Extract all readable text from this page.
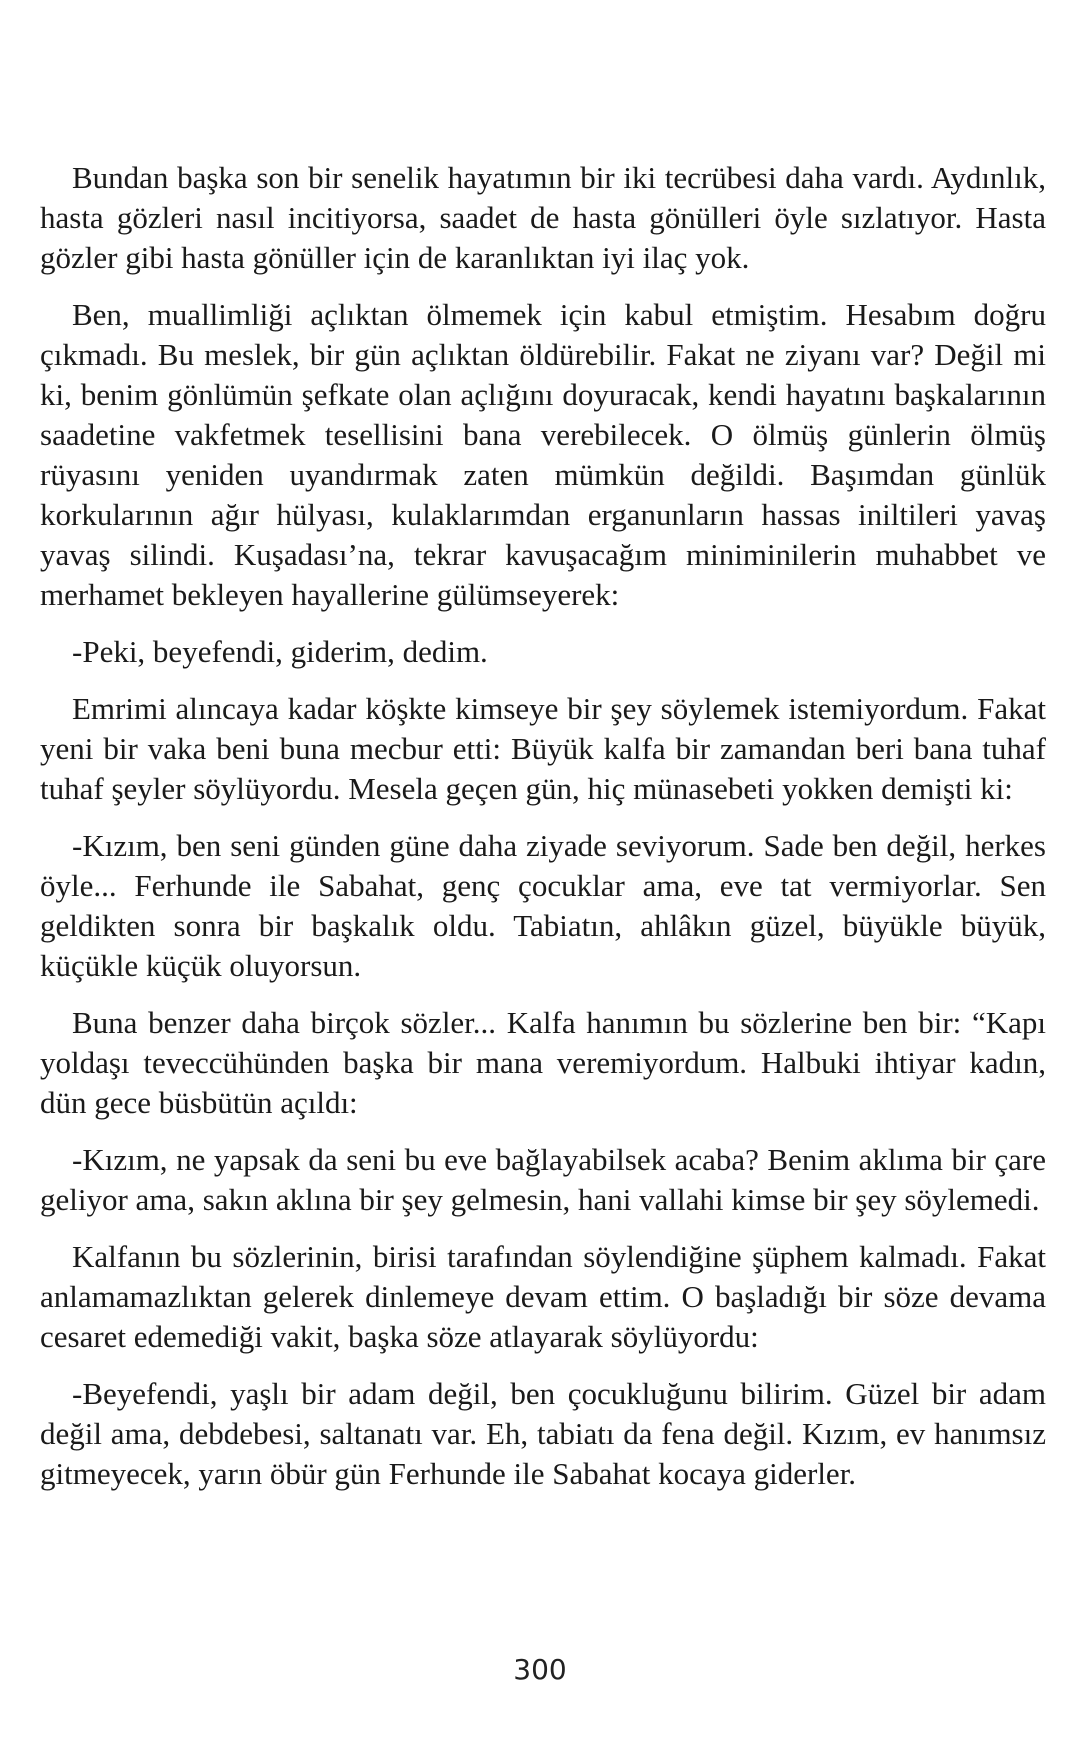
Bundan başka son bir senelik hayatımın bir iki tecrübesi daha vardı. Aydınlık, hasta gözleri nasıl incitiyorsa, saadet de hasta gönülleri öyle sızlatıyor. Hasta gözler gibi hasta gönüller için de karanlıktan iyi ilaç yok.

Ben, muallimliği açlıktan ölmemek için kabul etmiştim. Hesabım doğru çıkmadı. Bu meslek, bir gün açlıktan öldürebilir. Fakat ne ziyanı var? Değil mi ki, benim gönlümün şefkate olan açlığını doyuracak, kendi hayatını başkalarının saadetine vakfetmek tesellisini bana verebilecek. O ölmüş günlerin ölmüş rüyasını yeniden uyandırmak zaten mümkün değildi. Başımdan günlük korkularının ağır hülyası, kulaklarımdan erganunların hassas iniltileri yavaş yavaş silindi. Kuşadası’na, tekrar kavuşacağım miniminilerin muhabbet ve merhamet bekleyen hayallerine gülümseyerek:

-Peki, beyefendi, giderim, dedim.

Emrimi alıncaya kadar köşkte kimseye bir şey söylemek istemiyordum. Fakat yeni bir vaka beni buna mecbur etti: Büyük kalfa bir zamandan beri bana tuhaf tuhaf şeyler söylüyordu. Mesela geçen gün, hiç münasebeti yokken demişti ki:

-Kızım, ben seni günden güne daha ziyade seviyorum. Sade ben değil, herkes öyle... Ferhunde ile Sabahat, genç çocuklar ama, eve tat vermiyorlar. Sen geldikten sonra bir başkalık oldu. Tabiatın, ahlâkın güzel, büyükle büyük, küçükle küçük oluyorsun.

Buna benzer daha birçok sözler... Kalfa hanımın bu sözlerine ben bir: “Kapı yoldaşı teveccühünden başka bir mana veremiyordum. Halbuki ihtiyar kadın, dün gece büsbütün açıldı:

-Kızım, ne yapsak da seni bu eve bağlayabilsek acaba? Benim aklıma bir çare geliyor ama, sakın aklına bir şey gelmesin, hani vallahi kimse bir şey söylemedi.

Kalfanın bu sözlerinin, birisi tarafından söylendiğine şüphem kalmadı. Fakat anlamamazlıktan gelerek dinlemeye devam ettim. O başladığı bir söze devama cesaret edemediği vakit, başka söze atlayarak söylüyordu:

-Beyefendi, yaşlı bir adam değil, ben çocukluğunu bilirim. Güzel bir adam değil ama, debdebesi, saltanatı var. Eh, tabiatı da fena değil. Kızım, ev hanımsız gitmeyecek, yarın öbür gün Ferhunde ile Sabahat kocaya giderler.

300
